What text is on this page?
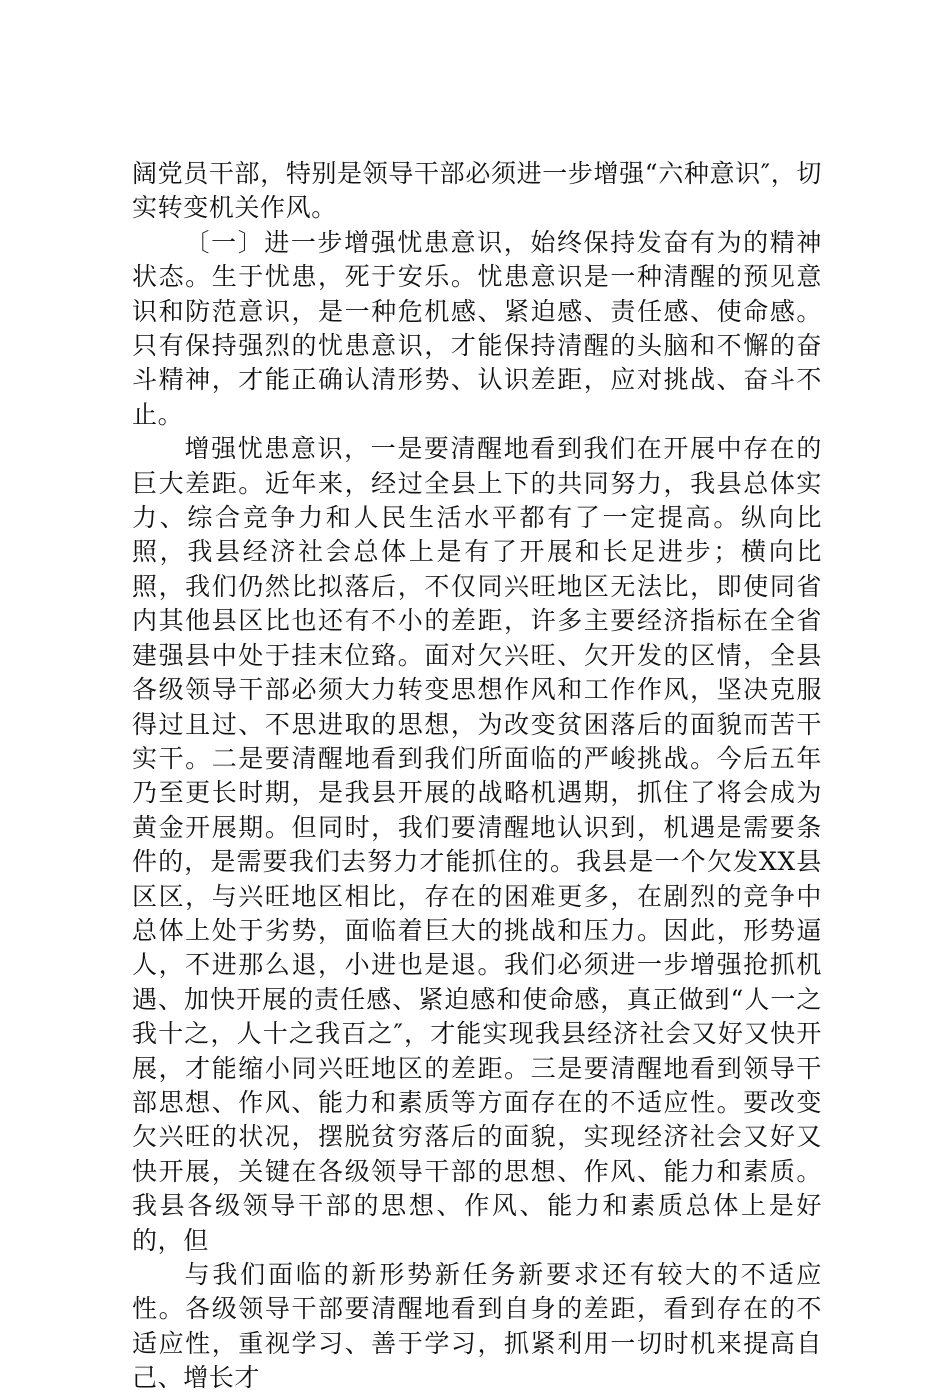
阔党员干部，特别是领导干部必须进一步增强“六种意识″，切实转变机关作风。

〔一〕进一步增强忧患意识，始终保持发奋有为的精神状态。生于忧患，死于安乐。忧患意识是一种清醒的预见意识和防范意识，是一种危机感、紧迫感、责任感、使命感。只有保持强烈的忧患意识，才能保持清醒的头脑和不懈的奋斗精神，才能正确认清形势、认识差距，应对挑战、奋斗不止。

增强忧患意识，一是要清醒地看到我们在开展中存在的巨大差距。近年来，经过全县上下的共同努力，我县总体实力、综合竞争力和人民生活水平都有了一定提高。纵向比照，我县经济社会总体上是有了开展和长足进步；横向比照，我们仍然比拟落后，不仅同兴旺地区无法比，即使同省内其他县区比也还有不小的差距，许多主要经济指标在全省建强县中处于挂末位臵。面对欠兴旺、欠开发的区情，全县各级领导干部必须大力转变思想作风和工作作风，坚决克服得过且过、不思进取的思想，为改变贫困落后的面貌而苦干实干。二是要清醒地看到我们所面临的严峻挑战。今后五年乃至更长时期，是我县开展的战略机遇期，抓住了将会成为黄金开展期。但同时，我们要清醒地认识到，机遇是需要条件的，是需要我们去努力才能抓住的。我县是一个欠发XX县区区，与兴旺地区相比，存在的困难更多，在剧烈的竞争中总体上处于劣势，面临着巨大的挑战和压力。因此，形势逼人，不进那么退，小进也是退。我们必须进一步增强抢抓机遇、加快开展的责任感、紧迫感和使命感，真正做到“人一之我十之，人十之我百之″，才能实现我县经济社会又好又快开展，才能缩小同兴旺地区的差距。三是要清醒地看到领导干部思想、作风、能力和素质等方面存在的不适应性。要改变欠兴旺的状况，摆脱贫穷落后的面貌，实现经济社会又好又快开展，关键在各级领导干部的思想、作风、能力和素质。我县各级领导干部的思想、作风、能力和素质总体上是好的，但

与我们面临的新形势新任务新要求还有较大的不适应性。各级领导干部要清醒地看到自身的差距，看到存在的不适应性，重视学习、善于学习，抓紧利用一切时机来提高自己、增长才
